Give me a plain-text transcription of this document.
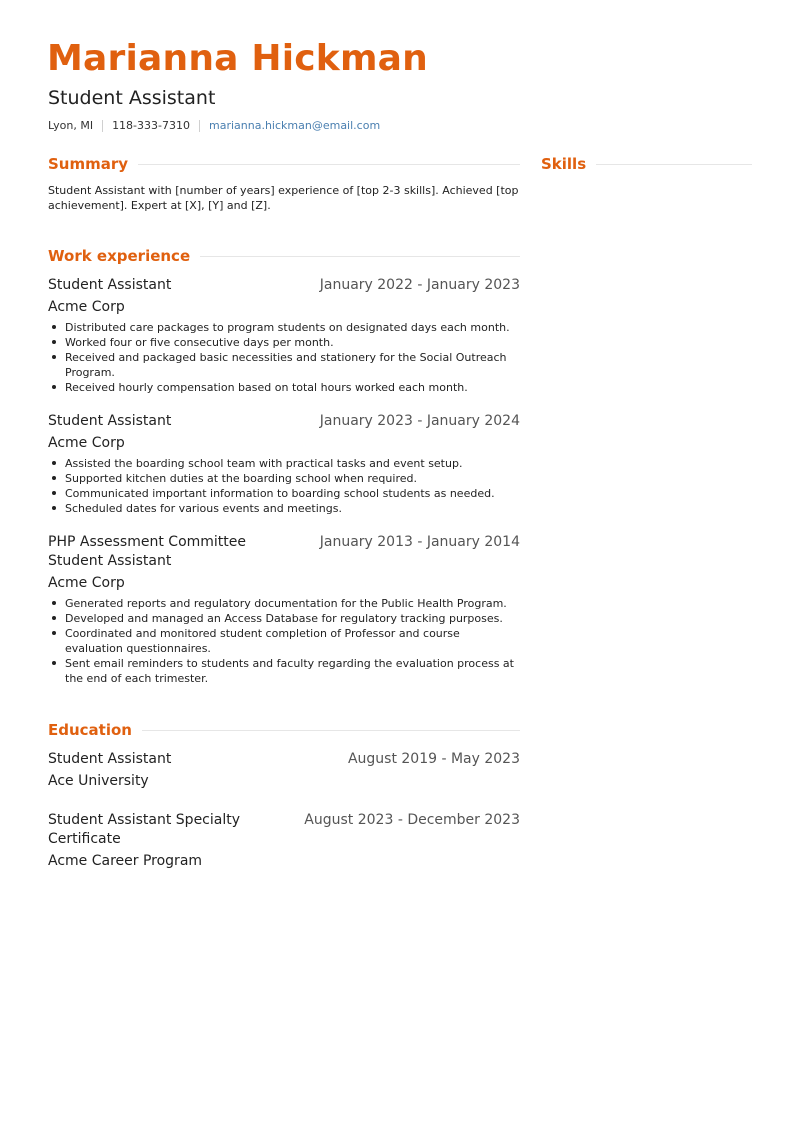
Marianna Hickman
Student Assistant
Lyon, MI 118-333-7310 marianna.hickman@email.com
Summary
Student Assistant with [number of years] experience of [top 2-3 skills]. Achieved [top achievement]. Expert at [X], [Y] and [Z].
Work experience
Student Assistant	January 2022 - January 2023
Acme Corp
Distributed care packages to program students on designated days each month.
Worked four or five consecutive days per month.
Received and packaged basic necessities and stationery for the Social Outreach Program.
Received hourly compensation based on total hours worked each month.
Student Assistant	January 2023 - January 2024
Acme Corp
Assisted the boarding school team with practical tasks and event setup.
Supported kitchen duties at the boarding school when required.
Communicated important information to boarding school students as needed.
Scheduled dates for various events and meetings.
PHP Assessment Committee Student Assistant
January 2013 - January 2014
Acme Corp
Generated reports and regulatory documentation for the Public Health Program.
Developed and managed an Access Database for regulatory tracking purposes.
Coordinated and monitored student completion of Professor and course evaluation questionnaires.
Sent email reminders to students and faculty regarding the evaluation process at the end of each trimester.
Education
Student Assistant	August 2019 - May 2023
Ace University
Student Assistant Specialty Certificate
August 2023 - December 2023
Acme Career Program
Skills
